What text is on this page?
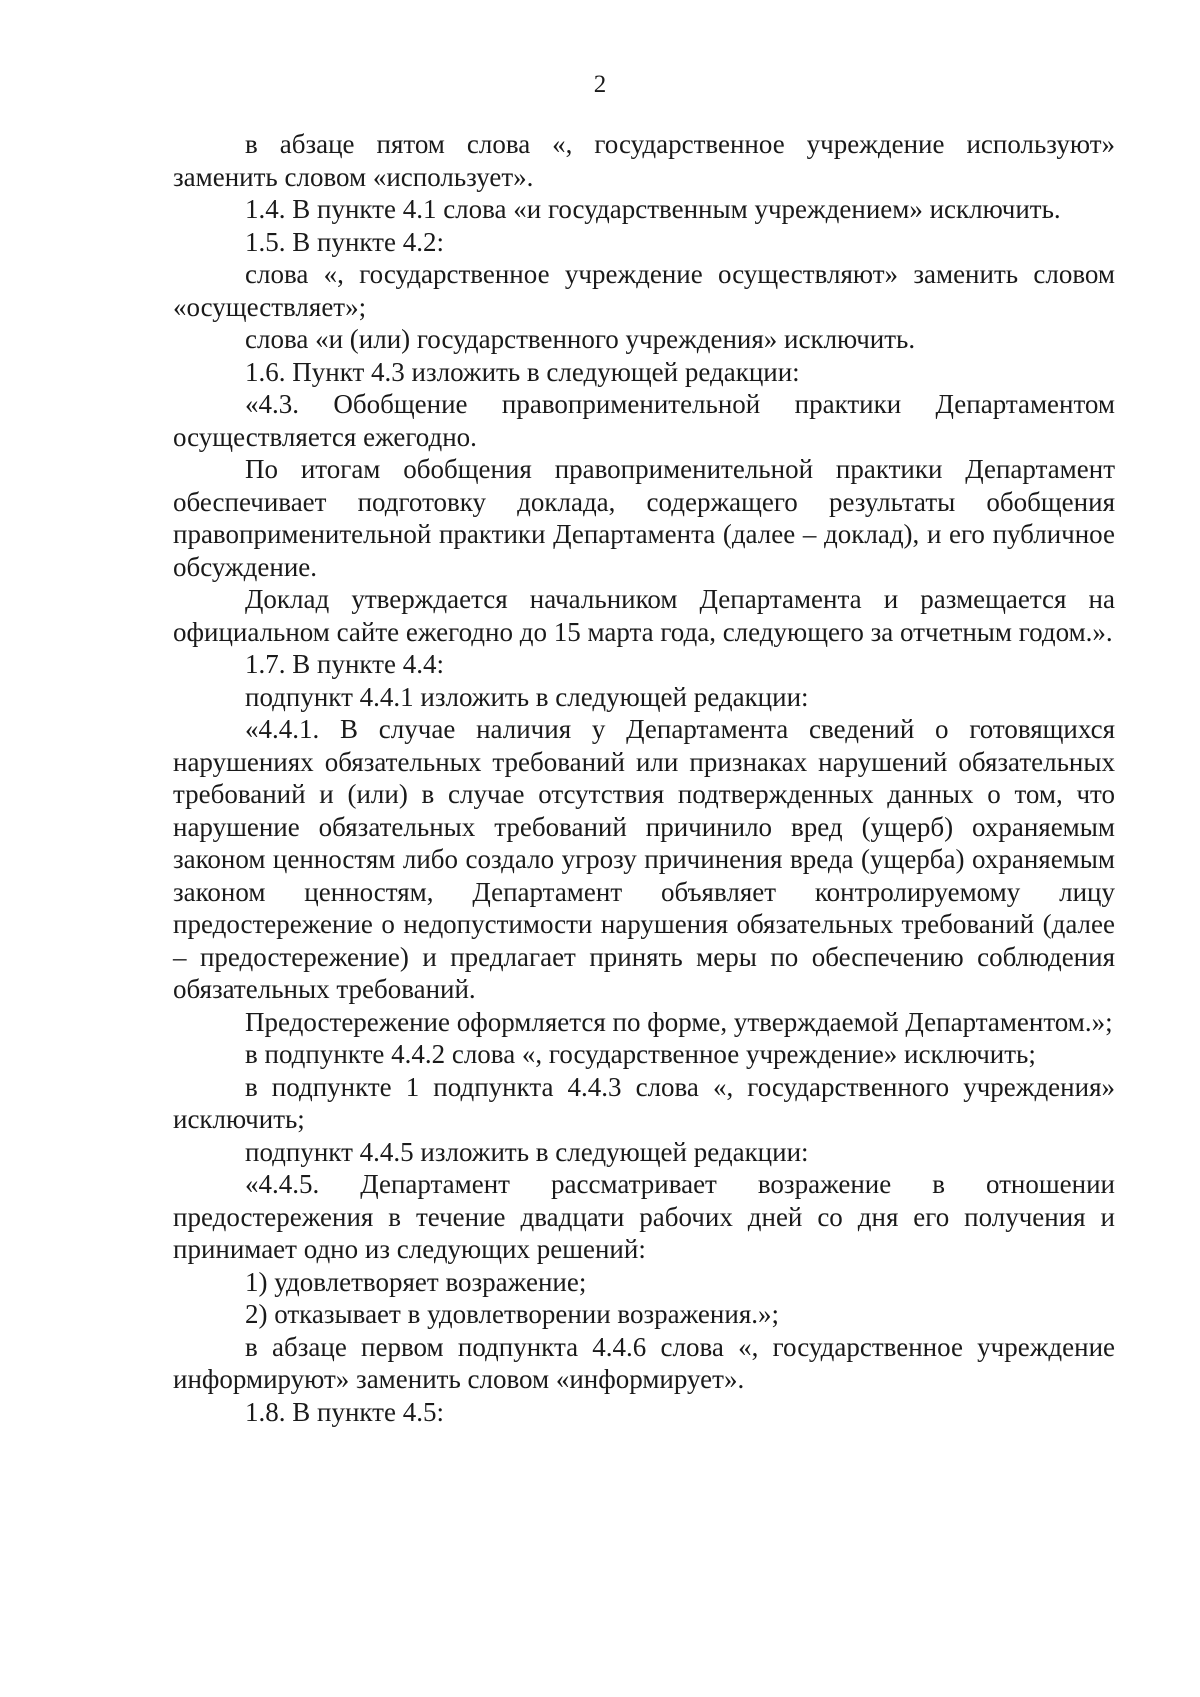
2

в абзаце пятом слова «, государственное учреждение используют» заменить словом «использует».

1.4. В пункте 4.1 слова «и государственным учреждением» исключить.

1.5. В пункте 4.2:

слова «, государственное учреждение осуществляют» заменить словом «осуществляет»;

слова «и (или) государственного учреждения» исключить.

1.6. Пункт 4.3 изложить в следующей редакции:

«4.3. Обобщение правоприменительной практики Департаментом осуществляется ежегодно.

По итогам обобщения правоприменительной практики Департамент обеспечивает подготовку доклада, содержащего результаты обобщения правоприменительной практики Департамента (далее – доклад), и его публичное обсуждение.

Доклад утверждается начальником Департамента и размещается на официальном сайте ежегодно до 15 марта года, следующего за отчетным годом.».

1.7. В пункте 4.4:

подпункт 4.4.1 изложить в следующей редакции:

«4.4.1. В случае наличия у Департамента сведений о готовящихся нарушениях обязательных требований или признаках нарушений обязательных требований и (или) в случае отсутствия подтвержденных данных о том, что нарушение обязательных требований причинило вред (ущерб) охраняемым законом ценностям либо создало угрозу причинения вреда (ущерба) охраняемым законом ценностям, Департамент объявляет контролируемому лицу предостережение о недопустимости нарушения обязательных требований (далее – предостережение) и предлагает принять меры по обеспечению соблюдения обязательных требований.

Предостережение оформляется по форме, утверждаемой Департаментом.»;

в подпункте 4.4.2 слова «, государственное учреждение» исключить;

в подпункте 1 подпункта 4.4.3 слова «, государственного учреждения» исключить;

подпункт 4.4.5 изложить в следующей редакции:

«4.4.5. Департамент рассматривает возражение в отношении предостережения в течение двадцати рабочих дней со дня его получения и принимает одно из следующих решений:

1) удовлетворяет возражение;

2) отказывает в удовлетворении возражения.»;

в абзаце первом подпункта 4.4.6 слова «, государственное учреждение информируют» заменить словом «информирует».

1.8. В пункте 4.5:
